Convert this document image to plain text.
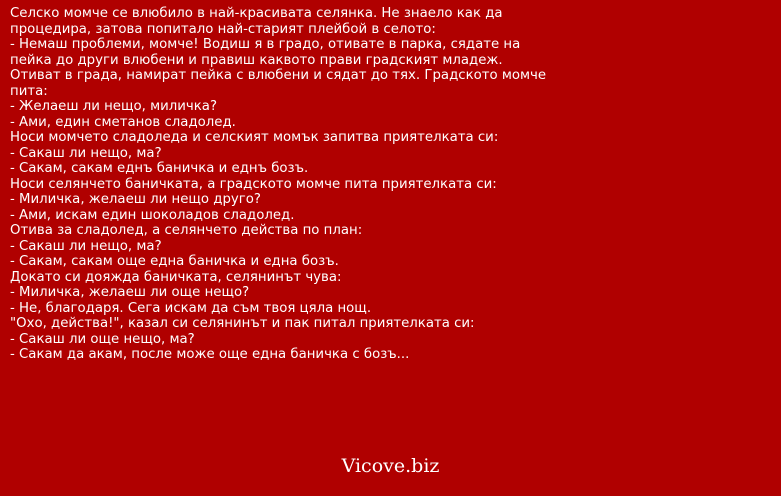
Селско момче се влюбило в най-красивата селянка. Не знаело как да
процедира, затова попитало най-старият плейбой в селото:
- Немаш проблеми, момче! Водиш я в градо, отивате в парка, сядате на
пейка до други влюбени и правиш каквото прави градският младеж.
Отиват в града, намират пейка с влюбени и сядат до тях. Градското момче
пита:
- Желаеш ли нещо, миличка?
- Ами, един сметанов сладолед.
Носи момчето сладоледа и селският момък запитва приятелката си:
- Сакаш ли нещо, ма?
- Сакам, сакам еднъ баничка и еднъ бозъ.
Носи селянчето баничката, а градското момче пита приятелката си:
- Миличка, желаеш ли нещо друго?
- Ами, искам един шоколадов сладолед.
Отива за сладолед, а селянчето действа по план:
- Сакаш ли нещо, ма?
- Сакам, сакам още една баничка и една бозъ.
Докато си дояжда баничката, селянинът чува:
- Миличка, желаеш ли още нещо?
- Не, благодаря. Сега искам да съм твоя цяла нощ.
"Охо, действа!", казал си селянинът и пак питал приятелката си:
- Сакаш ли още нещо, ма?
- Сакам да акам, после може още една баничка с бозъ...
Vicove.biz
